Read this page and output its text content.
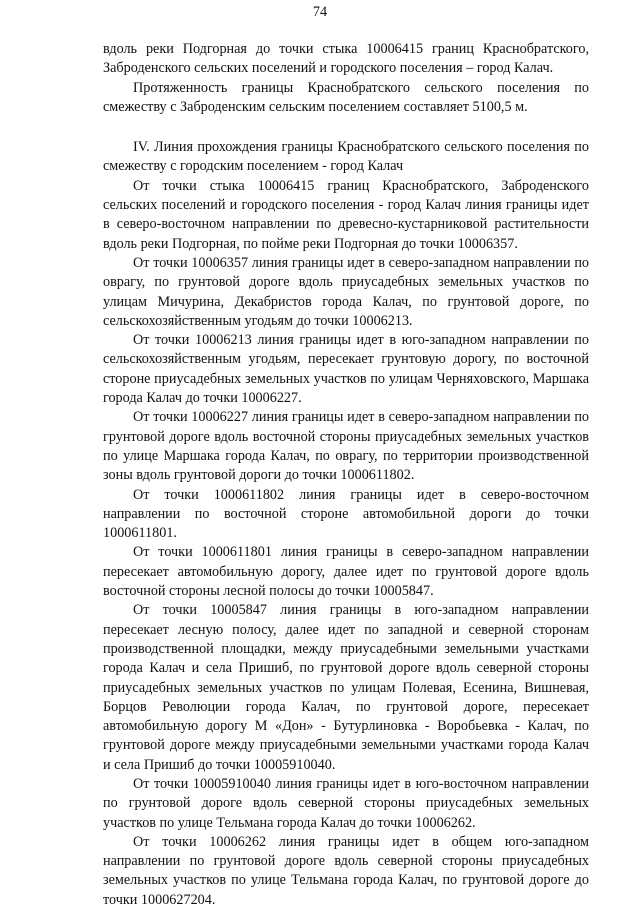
74

вдоль реки Подгорная до точки стыка 10006415 границ Краснобратского, Заброденского сельских поселений и городского поселения – город Калач.

Протяженность границы Краснобратского сельского поселения по смежеству с Заброденским сельским поселением составляет 5100,5 м.

IV. Линия прохождения границы Краснобратского сельского поселения по смежеству с городским поселением - город Калач

От точки стыка 10006415 границ Краснобратского, Заброденского сельских поселений и городского поселения - город Калач линия границы идет в северо-восточном направлении по древесно-кустарниковой растительности вдоль реки Подгорная, по пойме реки Подгорная до точки 10006357.

От точки 10006357 линия границы идет в северо-западном направлении по оврагу, по грунтовой дороге вдоль приусадебных земельных участков по улицам Мичурина, Декабристов города Калач, по грунтовой дороге, по сельскохозяйственным угодьям до точки 10006213.

От точки 10006213 линия границы идет в юго-западном направлении по сельскохозяйственным угодьям, пересекает грунтовую дорогу, по восточной стороне приусадебных земельных участков по улицам Черняховского, Маршака города Калач до точки 10006227.

От точки 10006227 линия границы идет в северо-западном направлении по грунтовой дороге вдоль восточной стороны приусадебных земельных участков по улице Маршака города Калач, по оврагу, по территории производственной зоны вдоль грунтовой дороги до точки 1000611802.

От точки 1000611802 линия границы идет в северо-восточном направлении по восточной стороне автомобильной дороги до точки 1000611801.

От точки 1000611801 линия границы в северо-западном направлении пересекает автомобильную дорогу, далее идет по грунтовой дороге вдоль восточной стороны лесной полосы до точки 10005847.

От точки 10005847 линия границы в юго-западном направлении пересекает лесную полосу, далее идет по западной и северной сторонам производственной площадки, между приусадебными земельными участками города Калач и села Пришиб, по грунтовой дороге вдоль северной стороны приусадебных земельных участков по улицам Полевая, Есенина, Вишневая, Борцов Революции города Калач, по грунтовой дороге, пересекает автомобильную дорогу М «Дон» - Бутурлиновка - Воробьевка - Калач, по грунтовой дороге между приусадебными земельными участками города Калач и села Пришиб до точки 10005910040.

От точки 10005910040 линия границы идет в юго-восточном направлении по грунтовой дороге вдоль северной стороны приусадебных земельных участков по улице Тельмана города Калач до точки 10006262.

От точки 10006262 линия границы идет в общем юго-западном направлении по грунтовой дороге вдоль северной стороны приусадебных земельных участков по улице Тельмана города Калач, по грунтовой дороге до точки 1000627204.
